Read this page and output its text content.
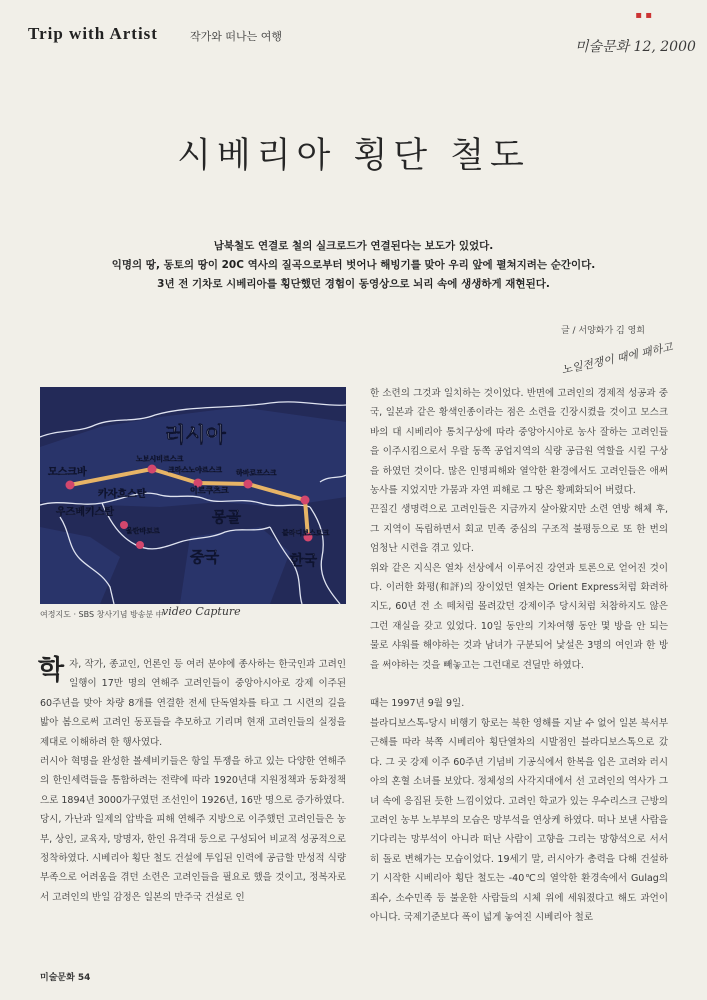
Trip with Artist	작가와 떠나는 여행
미술문화 12, 2000
▪ ▪
시베리아 횡단 철도
남북철도 연결로 철의 실크로드가 연결된다는 보도가 있었다.
익명의 땅, 동토의 땅이 20C 역사의 질곡으로부터 벗어나 해빙기를 맞아 우리 앞에 펼쳐지려는 순간이다.
3년 전 기차로 시베리아를 횡단했던 경험이 동영상으로 뇌리 속에 생생하게 재현된다.
글 / 서양화가 김 영희
러시아
모스크바
노보시비르스크
크라스노야르스크 하바로프스크
이르쿠츠크
카자흐스탄
우즈베키스탄
울란바토르
몽골
중국
블라디보스토크
한국
여정지도 · SBS 창사기념 방송분 中
video Capture
노일전쟁이 때에 패하고

학자, 작가, 종교인, 언론인 등 여러 분야에 종사하는 한국인과 고려인 일행이 17만 명의 연해주 고려인들이 중앙아시아로 강제 이주된 60주년을 맞아 차량 8개를 연결한 전세 단독열차를 타고 그 시련의 길을 밟아 봄으로써 고려인 동포들을 추모하고 기리며 현재 고려인들의 실정을 제대로 이해하려 한 행사였다.

러시아 혁명을 완성한 볼셰비키들은 항일 투쟁을 하고 있는 다양한 연해주의 한인세력들을 통합하려는 전략에 따라 1920년대 지원정책과 동화정책으로 1894년 3000가구였던 조선인이 1926년, 16만 명으로 증가하였다.

당시, 가난과 일제의 압박을 피해 연해주 지방으로 이주했던 고려인들은 농부, 상인, 교육자, 망명자, 한인 유격대 등으로 구성되어 비교적 성공적으로 정착하였다. 시베리아 횡단 철도 건설에 투입된 인력에 공급할 만성적 식량부족으로 어려움을 겪던 소련은 고려인들을 필요로 했을 것이고, 정복자로서 고려인의 반일 감정은 일본의 만주국 건설로 인

한 소련의 그것과 일치하는 것이었다. 반면에 고려인의 경제적 성공과 중국, 일본과 같은 황색인종이라는 점은 소련을 긴장시켰을 것이고 모스크바의 대 시베리아 통치구상에 따라 중앙아시아로 농사 잘하는 고려인들을 이주시킴으로서 우랄 동쪽 공업지역의 식량 공급원 역할을 시킬 구상을 하였던 것이다. 많은 인명피해와 열악한 환경에서도 고려인들은 애써 농사를 지었지만 가뭄과 자연 피해로 그 땅은 황폐화되어 버렸다.

끈질긴 생명력으로 고려인들은 지금까지 살아왔지만 소련 연방 해체 후, 그 지역이 독립하면서 회교 민족 중심의 구조적 불평등으로 또 한 번의 엄청난 시련을 겪고 있다.

위와 같은 지식은 열차 선상에서 이루어진 강연과 토론으로 얻어진 것이다. 이러한 화평(和評)의 장이었던 열차는 Orient Express처럼 화려하지도, 60년 전 소 떼처럼 몰려갔던 강제이주 당시처럼 처참하지도 않은 그런 재실을 갖고 있었다. 10일 동안의 기차여행 동안 몇 방을 안 되는 물로 샤워를 해야하는 것과 남녀가 구분되어 낯설은 3명의 여인과 한 방을 써야하는 것을 빼놓고는 그런대로 견딜만 하였다.

때는 1997년 9월 9일.

블라디보스톡-당시 비행기 항로는 북한 영해를 지날 수 없어 일본 북서부 근해를 따라 북쪽 시베리아 횡단열차의 시발점인 블라디보스톡으로 갔다. 그 곳 강제 이주 60주년 기념비 기공식에서 한복을 입은 고려와 러시아의 혼혈 소녀를 보았다. 정체성의 사각지대에서 선 고려인의 역사가 그녀 속에 응집된 듯한 느낌이었다. 고려인 학교가 있는 우수리스크 근방의 고려인 농부 노부부의 모습은 망부석을 연상케 하였다. 떠나 보낸 사람을 기다리는 망부석이 아니라 떠난 사람이 고향을 그리는 망향석으로 서서히 돌로 변해가는 모습이었다. 19세기 말, 러시아가 총력을 다해 건설하기 시작한 시베리아 횡단 철도는 -40℃의 열악한 환경속에서 Gulag의 죄수, 소수민족 등 불운한 사람들의 시체 위에 세워졌다고 해도 과언이 아니다. 국제기준보다 폭이 넓게 놓여진 시베리아 철로

미술문화 54
